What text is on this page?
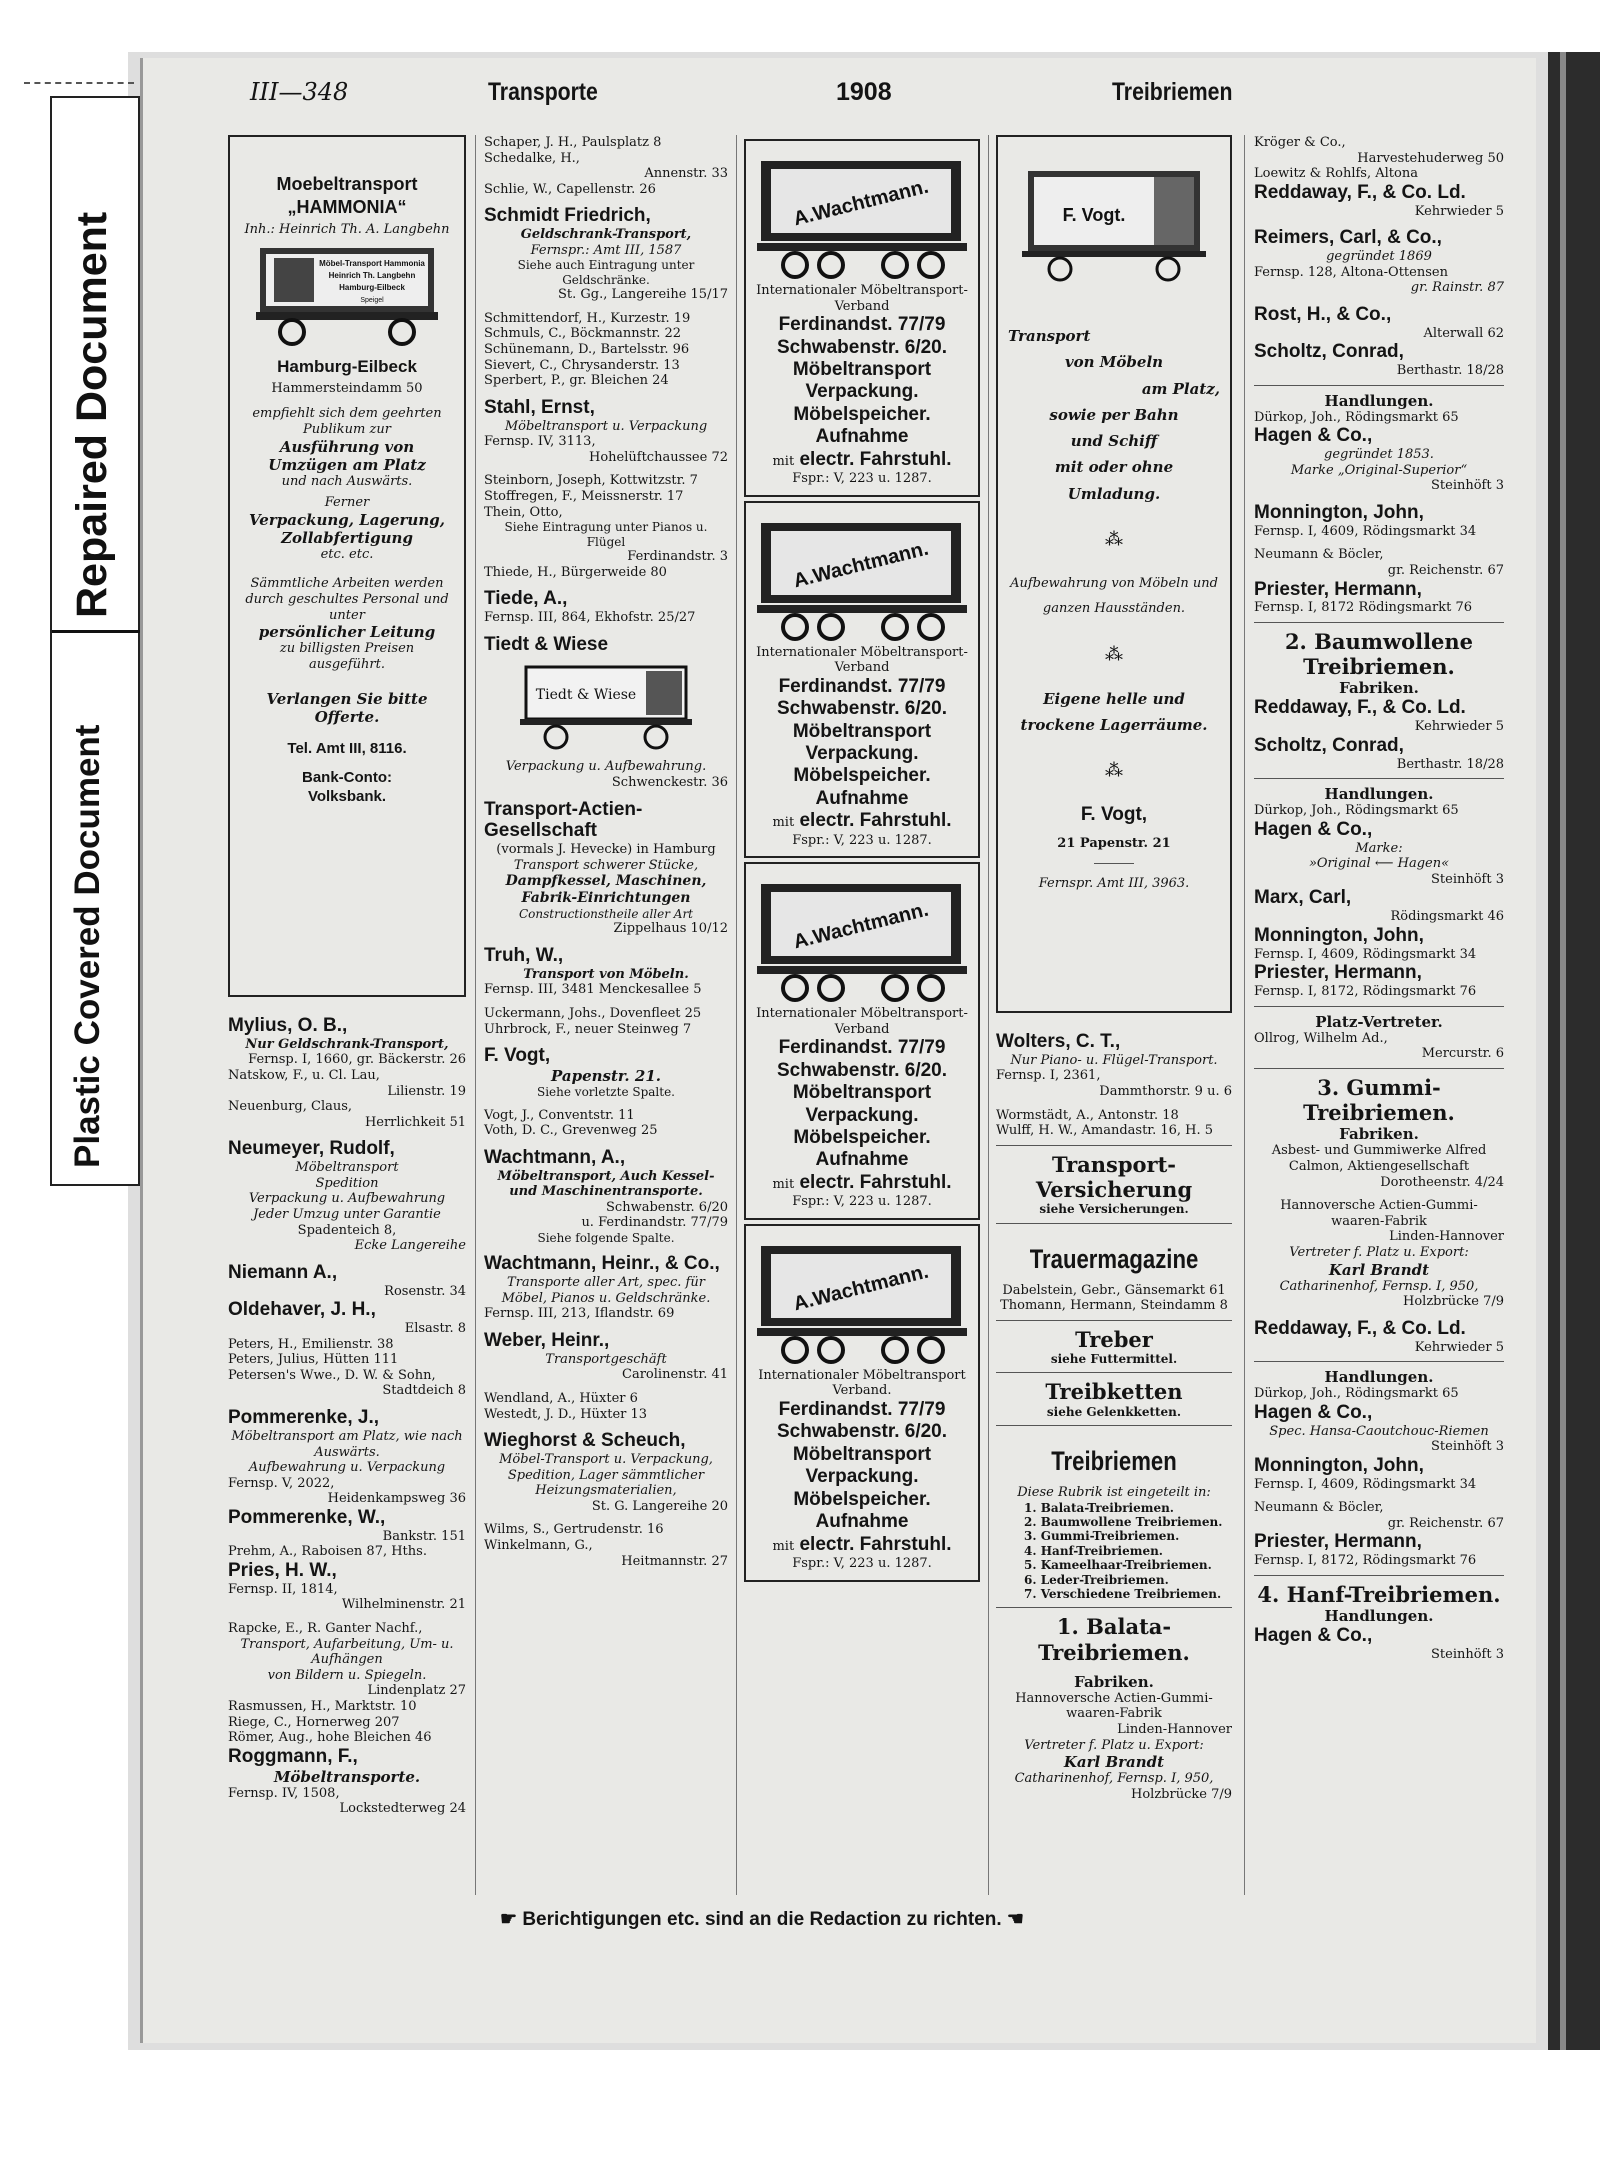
Repaired Document
Plastic Covered Document
III—348	Transporte	1908	Treibriemen
Moebeltransport „HAMMONIA“
Inh.: Heinrich Th. A. Langbehn
Möbel-Transport Hammonia
Heinrich Th. Langbehn
Hamburg-Eilbeck
Speigel
Hamburg-Eilbeck
Hammersteindamm 50
empfiehlt sich dem geehrten Publikum zur
Ausführung von Umzügen am Platz
und nach Auswärts.
Ferner
Verpackung, Lagerung, Zollabfertigung
etc. etc.
Sämmtliche Arbeiten werden durch geschultes Personal und unter
persönlicher Leitung
zu billigsten Preisen ausgeführt.
Verlangen Sie bitte Offerte.
Tel. Amt III, 8116.
Bank-Conto:
Volksbank.
Mylius, O. B.,
Nur Geldschrank-Transport,
Fernsp. I, 1660, gr. Bäckerstr. 26
Natskow, F., u. Cl. Lau,
Lilienstr. 19
Neuenburg, Claus,
Herrlichkeit 51
Neumeyer, Rudolf,
Möbeltransport
Spedition
Verpackung u. Aufbewahrung
Jeder Umzug unter Garantie
Spadenteich 8,
Ecke Langereihe
Niemann A.,
Rosenstr. 34
Oldehaver, J. H.,
Elsastr. 8
Peters, H., Emilienstr. 38
Peters, Julius, Hütten 111
Petersen's Wwe., D. W. & Sohn,
Stadtdeich 8
Pommerenke, J.,
Möbeltransport am Platz, wie nach Auswärts.
Aufbewahrung u. Verpackung
Fernsp. V, 2022,
Heidenkampsweg 36
Pommerenke, W.,
Bankstr. 151
Prehm, A., Raboisen 87, Hths.
Pries, H. W.,
Fernsp. II, 1814,
Wilhelminenstr. 21
Rapcke, E., R. Ganter Nachf.,
Transport, Aufarbeitung, Um- u. Aufhängen
von Bildern u. Spiegeln.
Lindenplatz 27
Rasmussen, H., Marktstr. 10
Riege, C., Hornerweg 207
Römer, Aug., hohe Bleichen 46
Roggmann, F.,
Möbeltransporte.
Fernsp. IV, 1508,
Lockstedterweg 24
Schaper, J. H., Paulsplatz 8
Schedalke, H.,
Annenstr. 33
Schlie, W., Capellenstr. 26
Schmidt Friedrich,
Geldschrank-Transport,
Fernspr.: Amt III, 1587
Siehe auch Eintragung unter Geldschränke.
St. Gg., Langereihe 15/17
Schmittendorf, H., Kurzestr. 19
Schmuls, C., Böckmannstr. 22
Schünemann, D., Bartelsstr. 96
Sievert, C., Chrysanderstr. 13
Sperbert, P., gr. Bleichen 24
Stahl, Ernst,
Möbeltransport u. Verpackung
Fernsp. IV, 3113,
Hohelüftchaussee 72
Steinborn, Joseph, Kottwitzstr. 7
Stoffregen, F., Meissnerstr. 17
Thein, Otto,
Siehe Eintragung unter Pianos u. Flügel
Ferdinandstr. 3
Thiede, H., Bürgerweide 80
Tiede, A.,
Fernsp. III, 864, Ekhofstr. 25/27
Tiedt & Wiese
Tiedt & Wiese
Verpackung u. Aufbewahrung.
Schwenckestr. 36
Transport-Actien-Gesellschaft
(vormals J. Hevecke) in Hamburg
Transport schwerer Stücke,
Dampfkessel, Maschinen, Fabrik-Einrichtungen
Constructionstheile aller Art
Zippelhaus 10/12
Truh, W.,
Transport von Möbeln.
Fernsp. III, 3481 Menckesallee 5
Uckermann, Johs., Dovenfleet 25
Uhrbrock, F., neuer Steinweg 7
F. Vogt,
Papenstr. 21.
Siehe vorletzte Spalte.
Vogt, J., Conventstr. 11
Voth, D. C., Grevenweg 25
Wachtmann, A.,
Möbeltransport, Auch Kessel- und Maschinentransporte.
Schwabenstr. 6/20
u. Ferdinandstr. 77/79
Siehe folgende Spalte.
Wachtmann, Heinr., & Co.,
Transporte aller Art, spec. für Möbel, Pianos u. Geldschränke.
Fernsp. III, 213, Iflandstr. 69
Weber, Heinr.,
Transportgeschäft
Carolinenstr. 41
Wendland, A., Hüxter 6
Westedt, J. D., Hüxter 13
Wieghorst & Scheuch,
Möbel-Transport u. Verpackung, Spedition, Lager sämmtlicher Heizungsmaterialien,
St. G. Langereihe 20
Wilms, S., Gertrudenstr. 16
Winkelmann, G.,
Heitmannstr. 27
A.Wachtmann.
Internationaler Möbeltransport-Verband
Ferdinandst. 77/79
Schwabenstr. 6/20.
Möbeltransport
Verpackung.
Möbelspeicher.
Aufnahme
mit electr. Fahrstuhl.
Fspr.: V, 223 u. 1287.
A.Wachtmann.
Internationaler Möbeltransport-Verband
Ferdinandst. 77/79
Schwabenstr. 6/20.
Möbeltransport
Verpackung.
Möbelspeicher.
Aufnahme
mit electr. Fahrstuhl.
Fspr.: V, 223 u. 1287.
A.Wachtmann.
Internationaler Möbeltransport-Verband
Ferdinandst. 77/79
Schwabenstr. 6/20.
Möbeltransport
Verpackung.
Möbelspeicher.
Aufnahme
mit electr. Fahrstuhl.
Fspr.: V, 223 u. 1287.
A.Wachtmann.
Internationaler Möbeltransport Verband.
Ferdinandst. 77/79
Schwabenstr. 6/20.
Möbeltransport
Verpackung.
Möbelspeicher.
Aufnahme
mit electr. Fahrstuhl.
Fspr.: V, 223 u. 1287.
F. Vogt.
Transport
von Möbeln
am Platz,
sowie per Bahn
und Schiff
mit oder ohne
Umladung.
⁂
Aufbewahrung von Möbeln und ganzen Hausständen.
⁂
Eigene helle und trockene Lagerräume.
⁂
F. Vogt,
21 Papenstr. 21
Fernspr. Amt III, 3963.
Wolters, C. T.,
Nur Piano- u. Flügel-Transport.
Fernsp. I, 2361,
Dammthorstr. 9 u. 6
Wormstädt, A., Antonstr. 18
Wulff, H. W., Amandastr. 16, H. 5
Transport-Versicherung
siehe Versicherungen.
Trauermagazine
Dabelstein, Gebr., Gänsemarkt 61
Thomann, Hermann, Steindamm 8
Treber
siehe Futtermittel.
Treibketten
siehe Gelenkketten.
Treibriemen
Diese Rubrik ist eingeteilt in:
1. Balata-Treibriemen.
2. Baumwollene Treibriemen.
3. Gummi-Treibriemen.
4. Hanf-Treibriemen.
5. Kameelhaar-Treibriemen.
6. Leder-Treibriemen.
7. Verschiedene Treibriemen.
1. Balata-Treibriemen.
Fabriken.
Hannoversche Actien-Gummi-waaren-Fabrik
Linden-Hannover
Vertreter f. Platz u. Export:
Karl Brandt
Catharinenhof, Fernsp. I, 950,
Holzbrücke 7/9
Kröger & Co.,
Harvestehuderweg 50
Loewitz & Rohlfs, Altona
Reddaway, F., & Co. Ld.
Kehrwieder 5
Reimers, Carl, & Co.,
gegründet 1869
Fernsp. 128, Altona-Ottensen
gr. Rainstr. 87
Rost, H., & Co.,
Alterwall 62
Scholtz, Conrad,
Berthastr. 18/28
Handlungen.
Dürkop, Joh., Rödingsmarkt 65
Hagen & Co.,
gegründet 1853.
Marke „Original-Superior“
Steinhöft 3
Monnington, John,
Fernsp. I, 4609, Rödingsmarkt 34
Neumann & Böcler,
gr. Reichenstr. 67
Priester, Hermann,
Fernsp. I, 8172 Rödingsmarkt 76
2. Baumwollene Treibriemen.
Fabriken.
Reddaway, F., & Co. Ld.
Kehrwieder 5
Scholtz, Conrad,
Berthastr. 18/28
Handlungen.
Dürkop, Joh., Rödingsmarkt 65
Hagen & Co.,
Marke:
»Original ⟵ Hagen«
Steinhöft 3
Marx, Carl,
Rödingsmarkt 46
Monnington, John,
Fernsp. I, 4609, Rödingsmarkt 34
Priester, Hermann,
Fernsp. I, 8172, Rödingsmarkt 76
Platz-Vertreter.
Ollrog, Wilhelm Ad.,
Mercurstr. 6
3. Gummi-Treibriemen.
Fabriken.
Asbest- und Gummiwerke Alfred Calmon, Aktiengesellschaft
Dorotheenstr. 4/24
Hannoversche Actien-Gummi-waaren-Fabrik
Linden-Hannover
Vertreter f. Platz u. Export:
Karl Brandt
Catharinenhof, Fernsp. I, 950,
Holzbrücke 7/9
Reddaway, F., & Co. Ld.
Kehrwieder 5
Handlungen.
Dürkop, Joh., Rödingsmarkt 65
Hagen & Co.,
Spec. Hansa-Caoutchouc-Riemen
Steinhöft 3
Monnington, John,
Fernsp. I, 4609, Rödingsmarkt 34
Neumann & Böcler,
gr. Reichenstr. 67
Priester, Hermann,
Fernsp. I, 8172, Rödingsmarkt 76
4. Hanf-Treibriemen.
Handlungen.
Hagen & Co.,
Steinhöft 3
☛ Berichtigungen etc. sind an die Redaction zu richten. ☚
